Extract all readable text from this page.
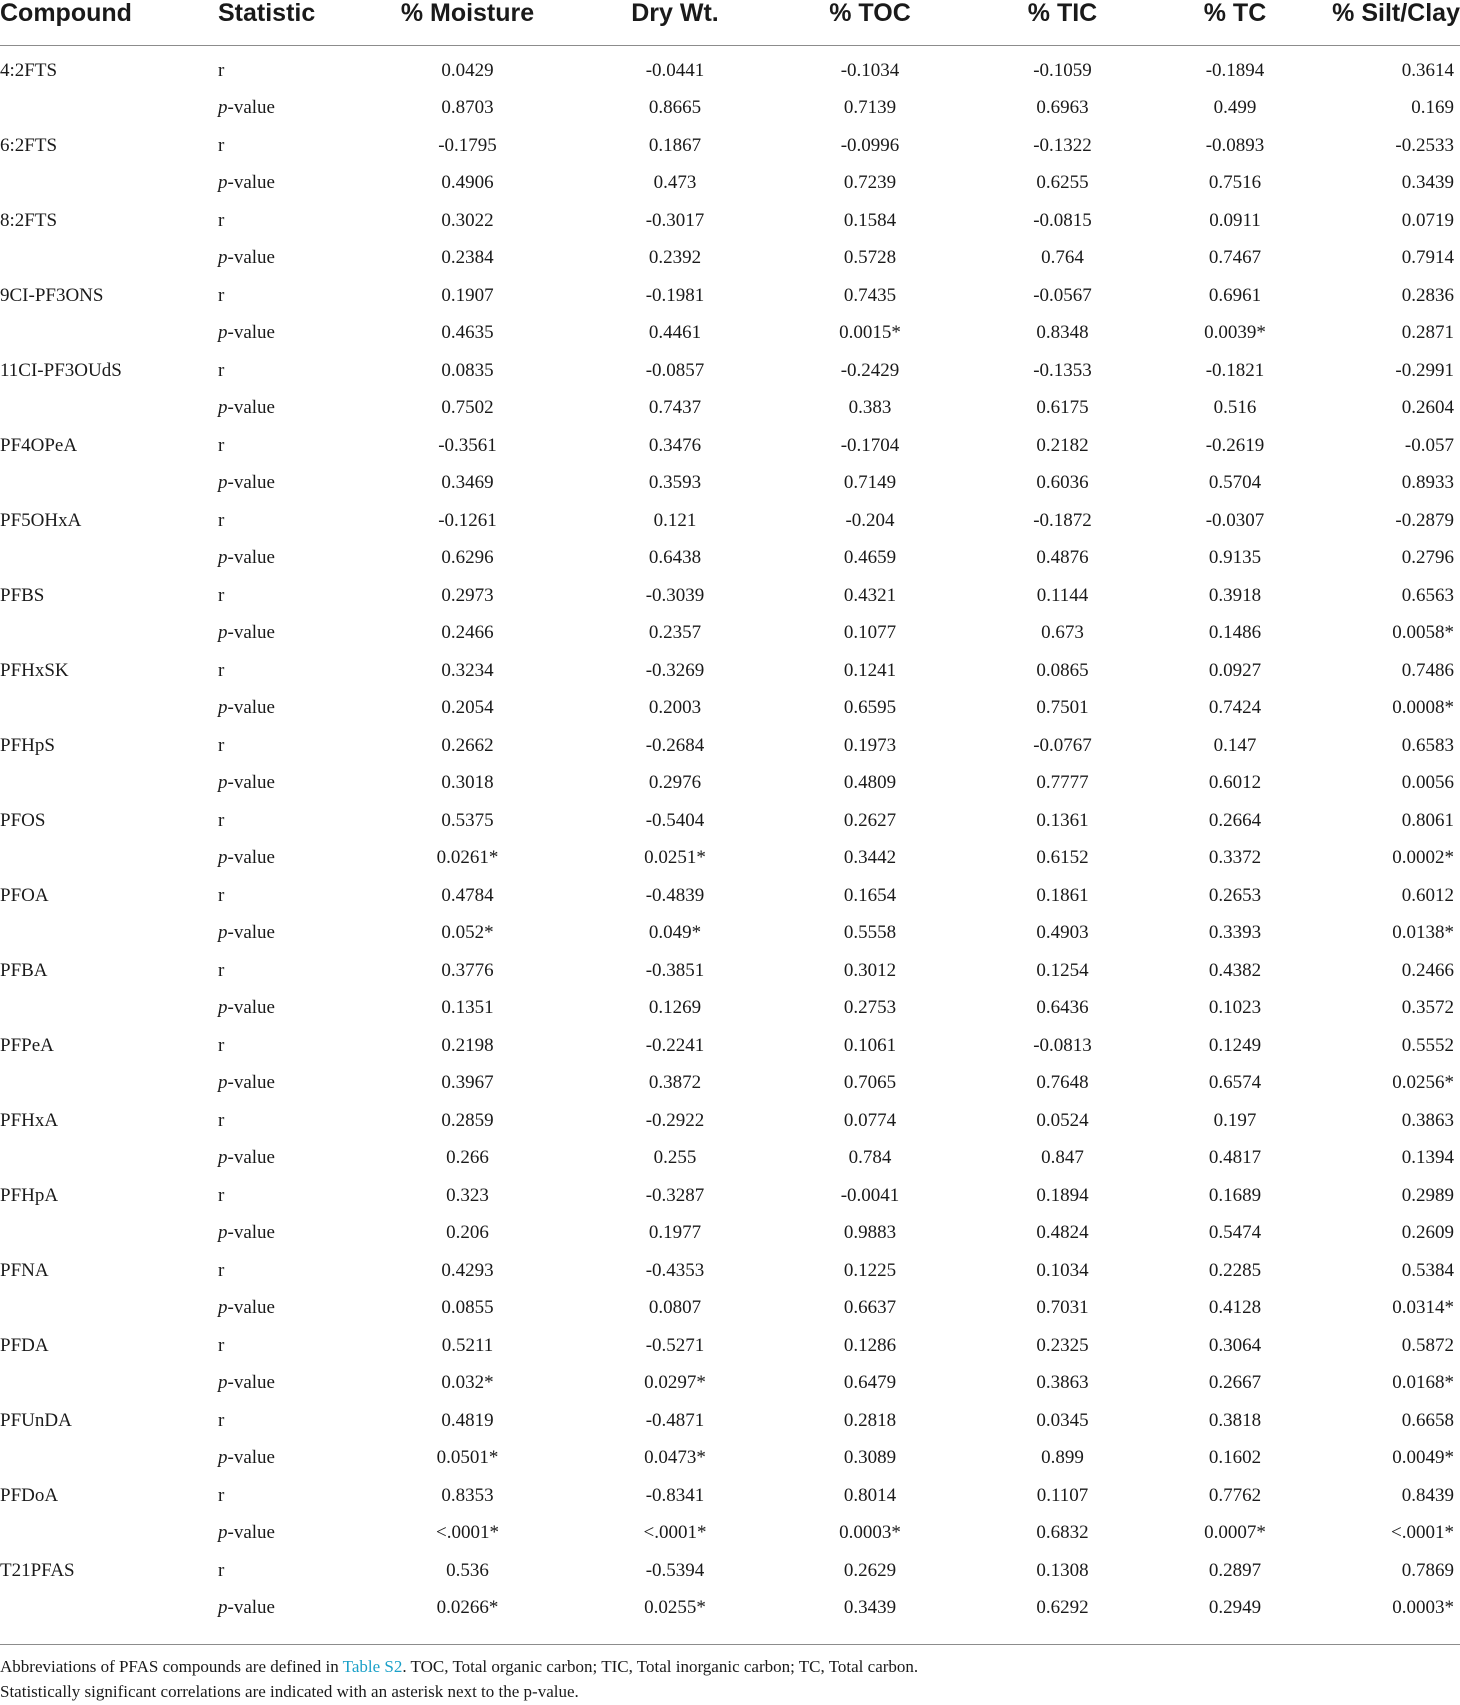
Compound	Statistic	% Moisture	Dry Wt.	% TOC	% TIC	% TC	% Silt/Clay
4:2FTS	r	0.0429	-0.0441	-0.1034	-0.1059	-0.1894	0.3614
	p-value	0.8703	0.8665	0.7139	0.6963	0.499	0.169
6:2FTS	r	-0.1795	0.1867	-0.0996	-0.1322	-0.0893	-0.2533
	p-value	0.4906	0.473	0.7239	0.6255	0.7516	0.3439
8:2FTS	r	0.3022	-0.3017	0.1584	-0.0815	0.0911	0.0719
	p-value	0.2384	0.2392	0.5728	0.764	0.7467	0.7914
9CI-PF3ONS	r	0.1907	-0.1981	0.7435	-0.0567	0.6961	0.2836
	p-value	0.4635	0.4461	0.0015*	0.8348	0.0039*	0.2871
11CI-PF3OUdS	r	0.0835	-0.0857	-0.2429	-0.1353	-0.1821	-0.2991
	p-value	0.7502	0.7437	0.383	0.6175	0.516	0.2604
PF4OPeA	r	-0.3561	0.3476	-0.1704	0.2182	-0.2619	-0.057
	p-value	0.3469	0.3593	0.7149	0.6036	0.5704	0.8933
PF5OHxA	r	-0.1261	0.121	-0.204	-0.1872	-0.0307	-0.2879
	p-value	0.6296	0.6438	0.4659	0.4876	0.9135	0.2796
PFBS	r	0.2973	-0.3039	0.4321	0.1144	0.3918	0.6563
	p-value	0.2466	0.2357	0.1077	0.673	0.1486	0.0058*
PFHxSK	r	0.3234	-0.3269	0.1241	0.0865	0.0927	0.7486
	p-value	0.2054	0.2003	0.6595	0.7501	0.7424	0.0008*
PFHpS	r	0.2662	-0.2684	0.1973	-0.0767	0.147	0.6583
	p-value	0.3018	0.2976	0.4809	0.7777	0.6012	0.0056
PFOS	r	0.5375	-0.5404	0.2627	0.1361	0.2664	0.8061
	p-value	0.0261*	0.0251*	0.3442	0.6152	0.3372	0.0002*
PFOA	r	0.4784	-0.4839	0.1654	0.1861	0.2653	0.6012
	p-value	0.052*	0.049*	0.5558	0.4903	0.3393	0.0138*
PFBA	r	0.3776	-0.3851	0.3012	0.1254	0.4382	0.2466
	p-value	0.1351	0.1269	0.2753	0.6436	0.1023	0.3572
PFPeA	r	0.2198	-0.2241	0.1061	-0.0813	0.1249	0.5552
	p-value	0.3967	0.3872	0.7065	0.7648	0.6574	0.0256*
PFHxA	r	0.2859	-0.2922	0.0774	0.0524	0.197	0.3863
	p-value	0.266	0.255	0.784	0.847	0.4817	0.1394
PFHpA	r	0.323	-0.3287	-0.0041	0.1894	0.1689	0.2989
	p-value	0.206	0.1977	0.9883	0.4824	0.5474	0.2609
PFNA	r	0.4293	-0.4353	0.1225	0.1034	0.2285	0.5384
	p-value	0.0855	0.0807	0.6637	0.7031	0.4128	0.0314*
PFDA	r	0.5211	-0.5271	0.1286	0.2325	0.3064	0.5872
	p-value	0.032*	0.0297*	0.6479	0.3863	0.2667	0.0168*
PFUnDA	r	0.4819	-0.4871	0.2818	0.0345	0.3818	0.6658
	p-value	0.0501*	0.0473*	0.3089	0.899	0.1602	0.0049*
PFDoA	r	0.8353	-0.8341	0.8014	0.1107	0.7762	0.8439
	p-value	<.0001*	<.0001*	0.0003*	0.6832	0.0007*	<.0001*
T21PFAS	r	0.536	-0.5394	0.2629	0.1308	0.2897	0.7869
	p-value	0.0266*	0.0255*	0.3439	0.6292	0.2949	0.0003*
Abbreviations of PFAS compounds are defined in Table S2. TOC, Total organic carbon; TIC, Total inorganic carbon; TC, Total carbon.
Statistically significant correlations are indicated with an asterisk next to the p-value.
